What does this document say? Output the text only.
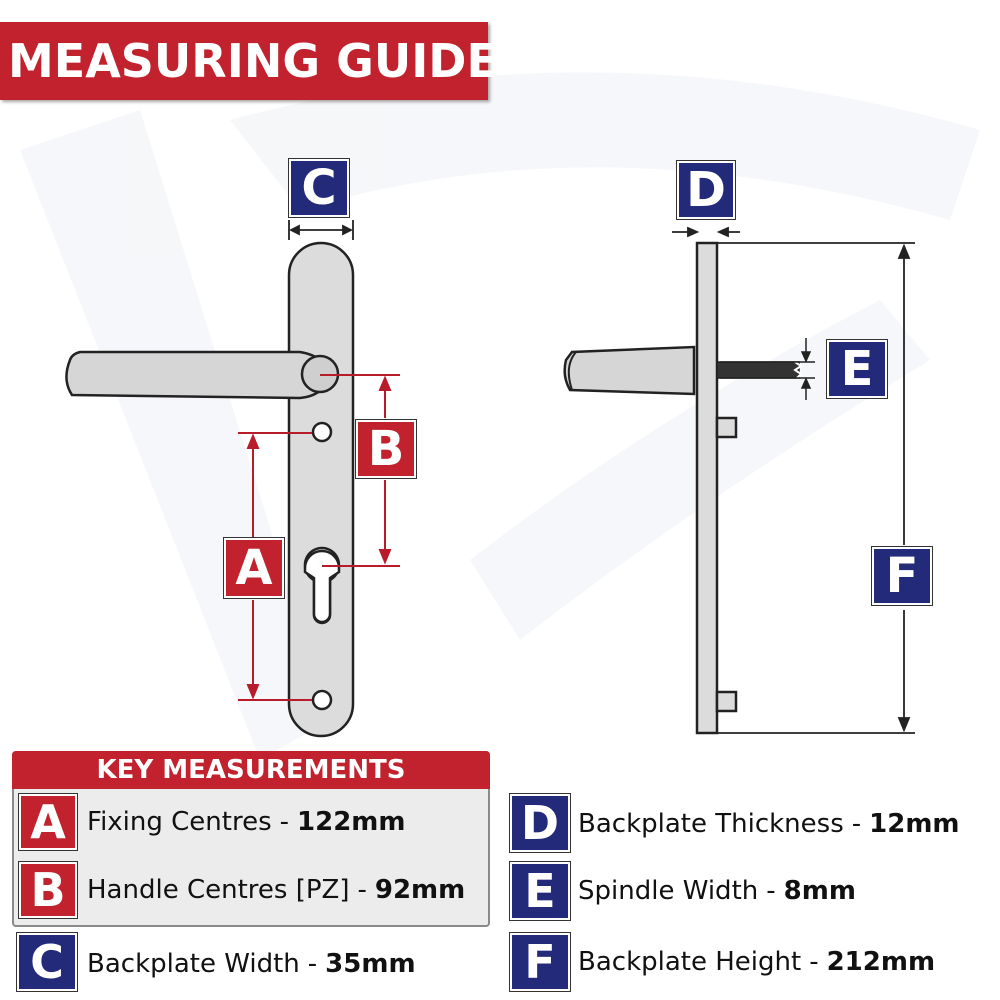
MEASURING GUIDE
C	D
E
F
A
B
KEY MEASUREMENTS
A Fixing Centres - 122mm
B Handle Centres [PZ] - 92mm
C Backplate Width - 35mm
D Backplate Thickness - 12mm
E Spindle Width - 8mm
F Backplate Height - 212mm
